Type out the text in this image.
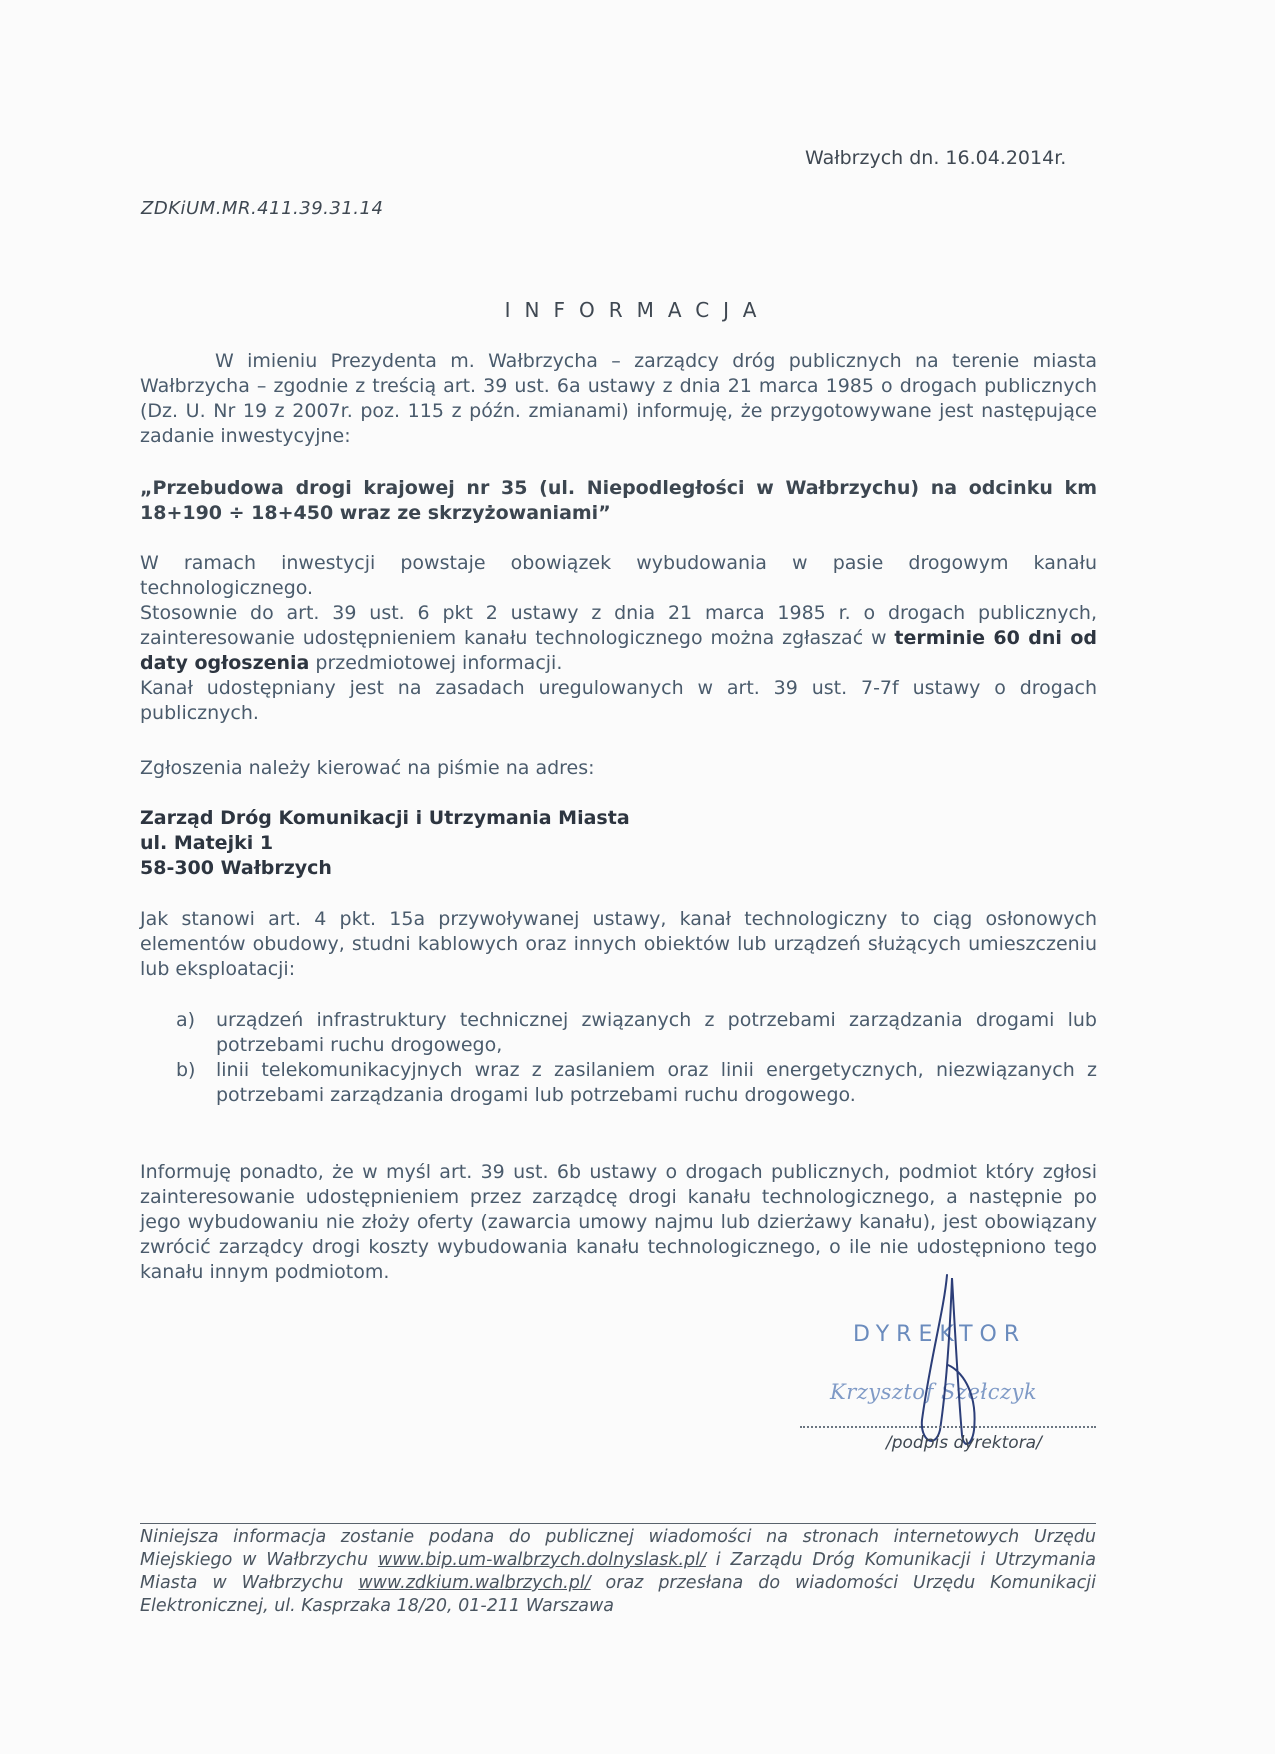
Wałbrzych dn. 16.04.2014r.

ZDKiUM.MR.411.39.31.14

INFORMACJA

W imieniu Prezydenta m. Wałbrzycha – zarządcy dróg publicznych na terenie miasta Wałbrzycha – zgodnie z treścią art. 39 ust. 6a ustawy z dnia 21 marca 1985 o drogach publicznych (Dz. U. Nr 19 z 2007r. poz. 115 z późn. zmianami) informuję, że przygotowywane jest następujące zadanie inwestycyjne:

„Przebudowa drogi krajowej nr 35 (ul. Niepodległości w Wałbrzychu) na odcinku km 18+190 ÷ 18+450 wraz ze skrzyżowaniami”

W ramach inwestycji powstaje obowiązek wybudowania w pasie drogowym kanału technologicznego.
Stosownie do art. 39 ust. 6 pkt 2 ustawy z dnia 21 marca 1985 r. o drogach publicznych, zainteresowanie udostępnieniem kanału technologicznego można zgłaszać w terminie 60 dni od daty ogłoszenia przedmiotowej informacji.
Kanał udostępniany jest na zasadach uregulowanych w art. 39 ust. 7-7f ustawy o drogach publicznych.

Zgłoszenia należy kierować na piśmie na adres:

Zarząd Dróg Komunikacji i Utrzymania Miasta
ul. Matejki 1
58-300 Wałbrzych

Jak stanowi art. 4 pkt. 15a przywoływanej ustawy, kanał technologiczny to ciąg osłonowych elementów obudowy, studni kablowych oraz innych obiektów lub urządzeń służących umieszczeniu lub eksploatacji:

a) urządzeń infrastruktury technicznej związanych z potrzebami zarządzania drogami lub potrzebami ruchu drogowego,
b) linii telekomunikacyjnych wraz z zasilaniem oraz linii energetycznych, niezwiązanych z potrzebami zarządzania drogami lub potrzebami ruchu drogowego.

Informuję ponadto, że w myśl art. 39 ust. 6b ustawy o drogach publicznych, podmiot który zgłosi zainteresowanie udostępnieniem przez zarządcę drogi kanału technologicznego, a następnie po jego wybudowaniu nie złoży oferty (zawarcia umowy najmu lub dzierżawy kanału), jest obowiązany zwrócić zarządcy drogi koszty wybudowania kanału technologicznego, o ile nie udostępniono tego kanału innym podmiotom.

DYREKTOR
Krzysztof Szełczyk
/podpis dyrektora/

Niniejsza informacja zostanie podana do publicznej wiadomości na stronach internetowych Urzędu Miejskiego w Wałbrzychu www.bip.um-walbrzych.dolnyslask.pl/ i Zarządu Dróg Komunikacji i Utrzymania Miasta w Wałbrzychu www.zdkium.walbrzych.pl/ oraz przesłana do wiadomości Urzędu Komunikacji Elektronicznej, ul. Kasprzaka 18/20, 01-211 Warszawa
